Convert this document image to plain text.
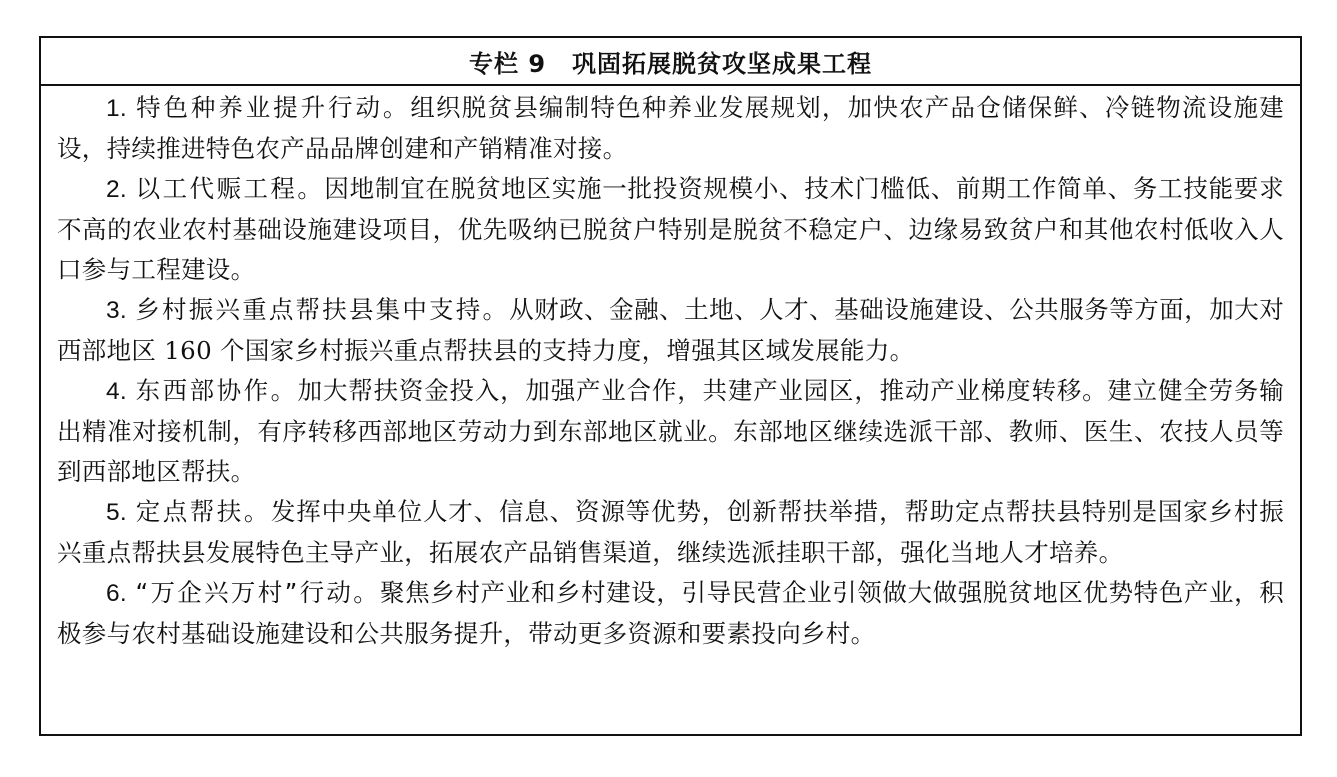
专栏 9 巩固拓展脱贫攻坚成果工程

1. 特色种养业提升行动。组织脱贫县编制特色种养业发展规划，加快农产品仓储保鲜、冷链物流设施建设，持续推进特色农产品品牌创建和产销精准对接。

2. 以工代赈工程。因地制宜在脱贫地区实施一批投资规模小、技术门槛低、前期工作简单、务工技能要求不高的农业农村基础设施建设项目，优先吸纳已脱贫户特别是脱贫不稳定户、边缘易致贫户和其他农村低收入人口参与工程建设。

3. 乡村振兴重点帮扶县集中支持。从财政、金融、土地、人才、基础设施建设、公共服务等方面，加大对西部地区 160 个国家乡村振兴重点帮扶县的支持力度，增强其区域发展能力。

4. 东西部协作。加大帮扶资金投入，加强产业合作，共建产业园区，推动产业梯度转移。建立健全劳务输出精准对接机制，有序转移西部地区劳动力到东部地区就业。东部地区继续选派干部、教师、医生、农技人员等到西部地区帮扶。

5. 定点帮扶。发挥中央单位人才、信息、资源等优势，创新帮扶举措，帮助定点帮扶县特别是国家乡村振兴重点帮扶县发展特色主导产业，拓展农产品销售渠道，继续选派挂职干部，强化当地人才培养。

6. “万企兴万村”行动。聚焦乡村产业和乡村建设，引导民营企业引领做大做强脱贫地区优势特色产业，积极参与农村基础设施建设和公共服务提升，带动更多资源和要素投向乡村。
